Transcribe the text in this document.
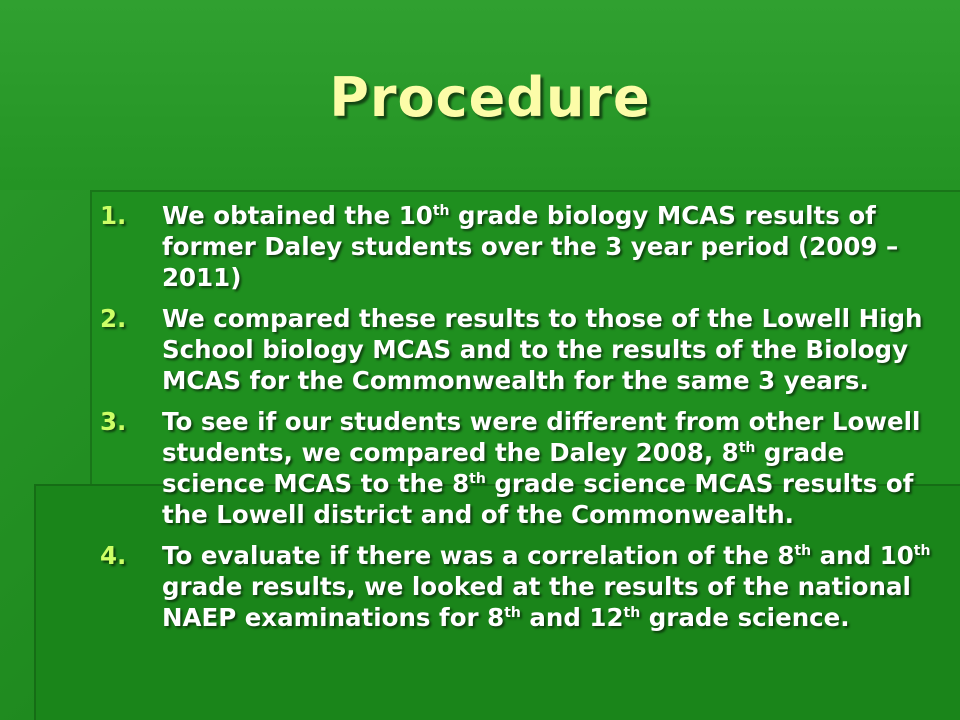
Procedure
1. We obtained the 10th grade biology MCAS results of former Daley students over the 3 year period (2009 – 2011)
2. We compared these results to those of the Lowell High School biology MCAS and to the results of the Biology MCAS for the Commonwealth for the same 3 years.
3. To see if our students were different from other Lowell students, we compared the Daley 2008, 8th grade science MCAS to the 8th grade science MCAS results of the Lowell district and of the Commonwealth.
4. To evaluate if there was a correlation of the 8th and 10th grade results, we looked at the results of the national NAEP examinations for 8th and 12th grade science.
